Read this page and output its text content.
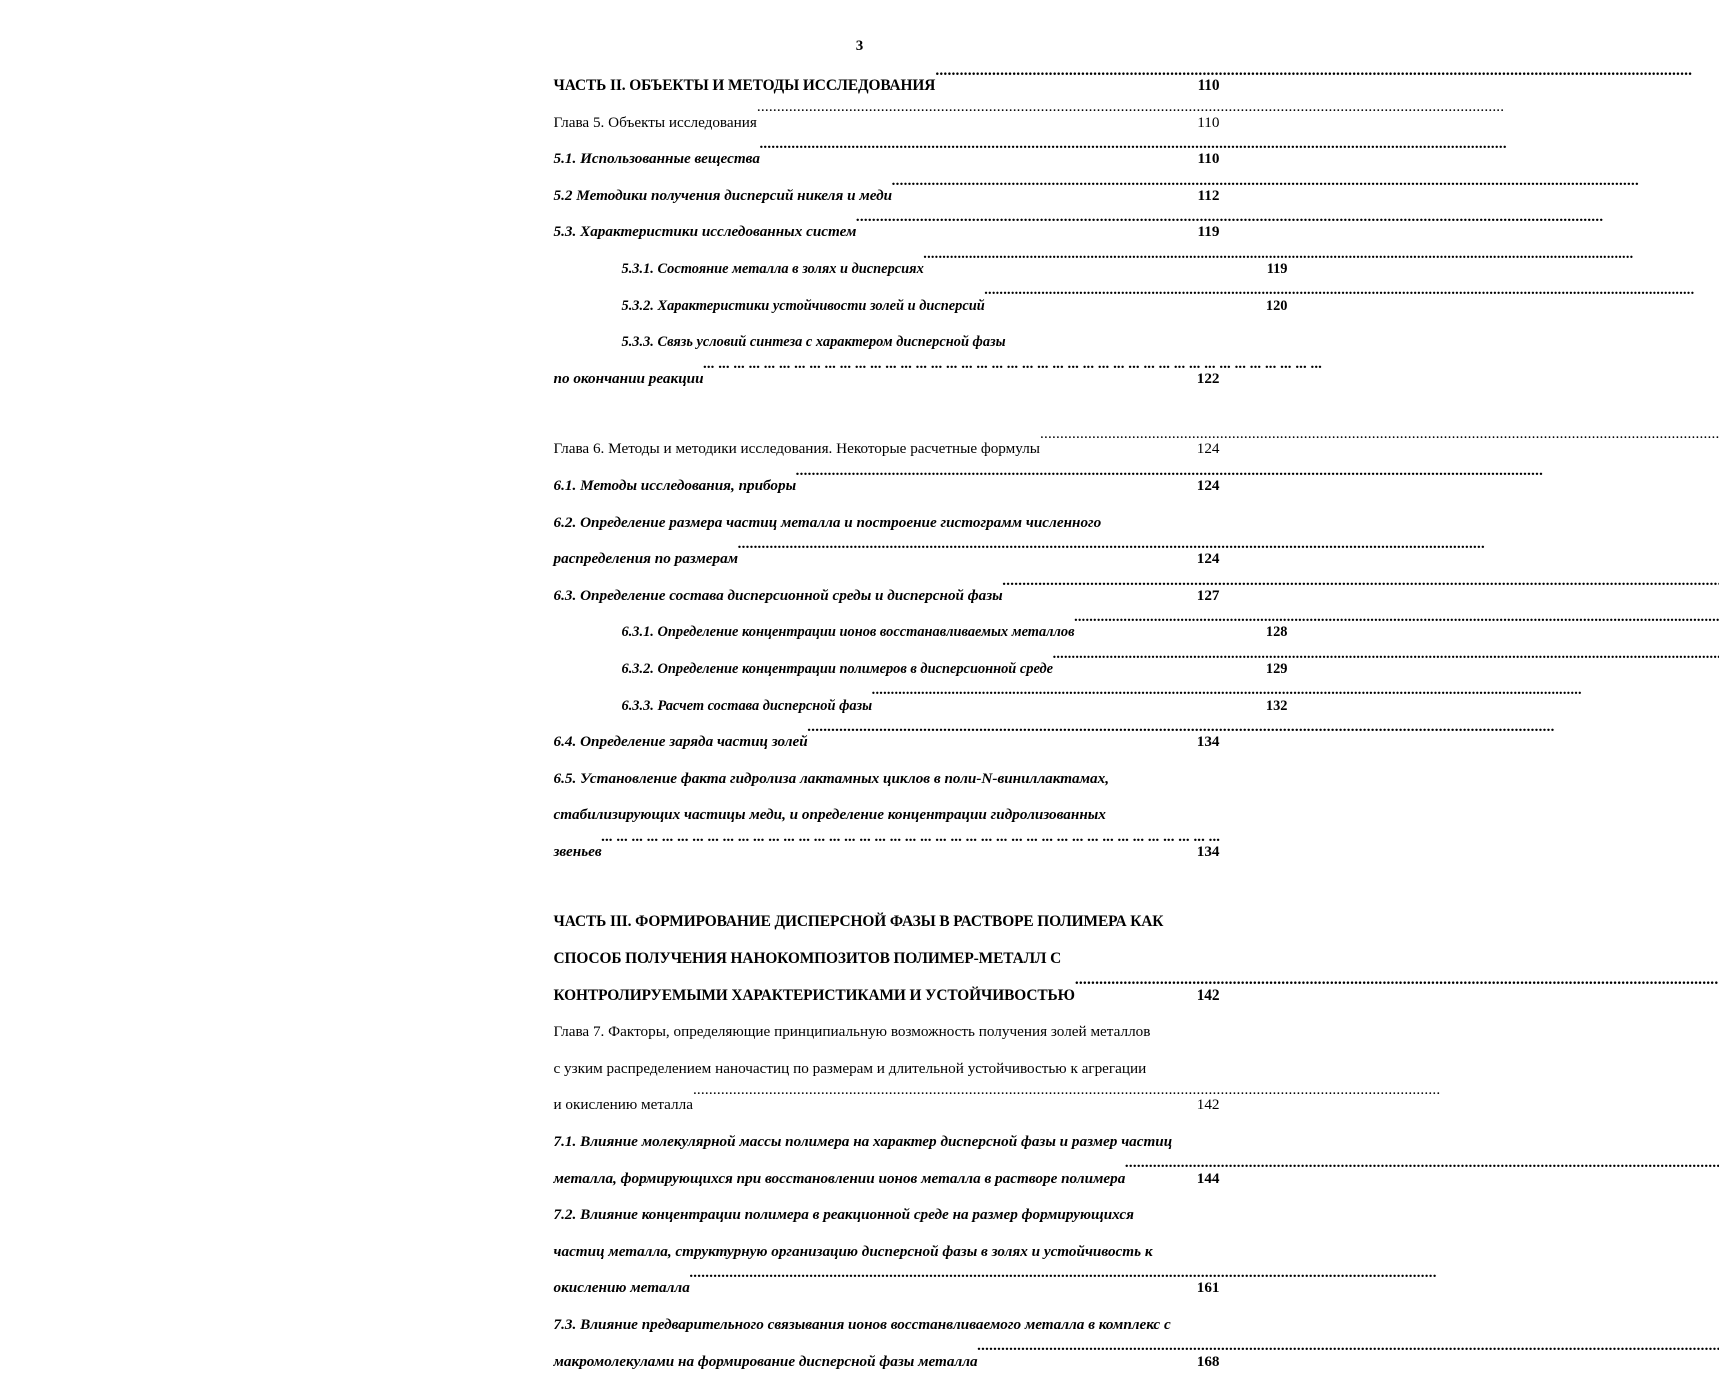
3
ЧАСТЬ II. ОБЪЕКТЫ И МЕТОДЫ ИССЛЕДОВАНИЯ .....	110
Глава 5. Объекты исследования .....	110
5.1. Использованные вещества .....	110
5.2 Методики получения дисперсий никеля и меди .....	112
5.3. Характеристики исследованных систем .....	119
5.3.1. Состояние металла в золях и дисперсиях .....	119
5.3.2. Характеристики устойчивости золей и дисперсий .....	120
5.3.3. Связь условий синтеза с характером дисперсной фазы
по окончании реакции ... .	122
Глава 6. Методы и методики исследования. Некоторые расчетные формулы .....	124
6.1. Методы исследования, приборы .....	124
6.2. Определение размера частиц металла и построение гистограмм численного
распределения по размерам .....	124
6.3. Определение состава дисперсионной среды и дисперсной фазы .....	127
6.3.1. Определение концентрации ионов восстанавливаемых металлов .....	128
6.3.2. Определение концентрации полимеров в дисперсионной среде .....	129
6.3.3. Расчет состава дисперсной фазы .....	132
6.4. Определение заряда частиц золей .....	134
6.5. Установление факта гидролиза лактамных циклов в поли-N-виниллактамах,
стабилизирующих частицы меди, и определение концентрации гидролизованных
звеньев ... .	134
ЧАСТЬ III. ФОРМИРОВАНИЕ ДИСПЕРСНОЙ ФАЗЫ В РАСТВОРЕ ПОЛИМЕРА КАК
СПОСОБ ПОЛУЧЕНИЯ НАНОКОМПОЗИТОВ ПОЛИМЕР-МЕТАЛЛ С
КОНТРОЛИРУЕМЫМИ ХАРАКТЕРИСТИКАМИ И УСТОЙЧИВОСТЬЮ .....	142
Глава 7. Факторы, определяющие принципиальную возможность получения золей металлов
с узким распределением наночастиц по размерам и длительной устойчивостью к агрегации
и окислению металла .....	142
7.1. Влияние молекулярной массы полимера на характер дисперсной фазы и размер частиц
металла, формирующихся при восстановлении ионов металла в растворе полимера .....	144
7.2. Влияние концентрации полимера в реакционной среде на размер формирующихся
частиц металла, структурную организацию дисперсной фазы в золях и устойчивость к
окислению металла .....	161
7.3. Влияние предварительного связывания ионов восстанвливаемого металла в комплекс с
макромолекулами на формирование дисперсной фазы металла .....	168
